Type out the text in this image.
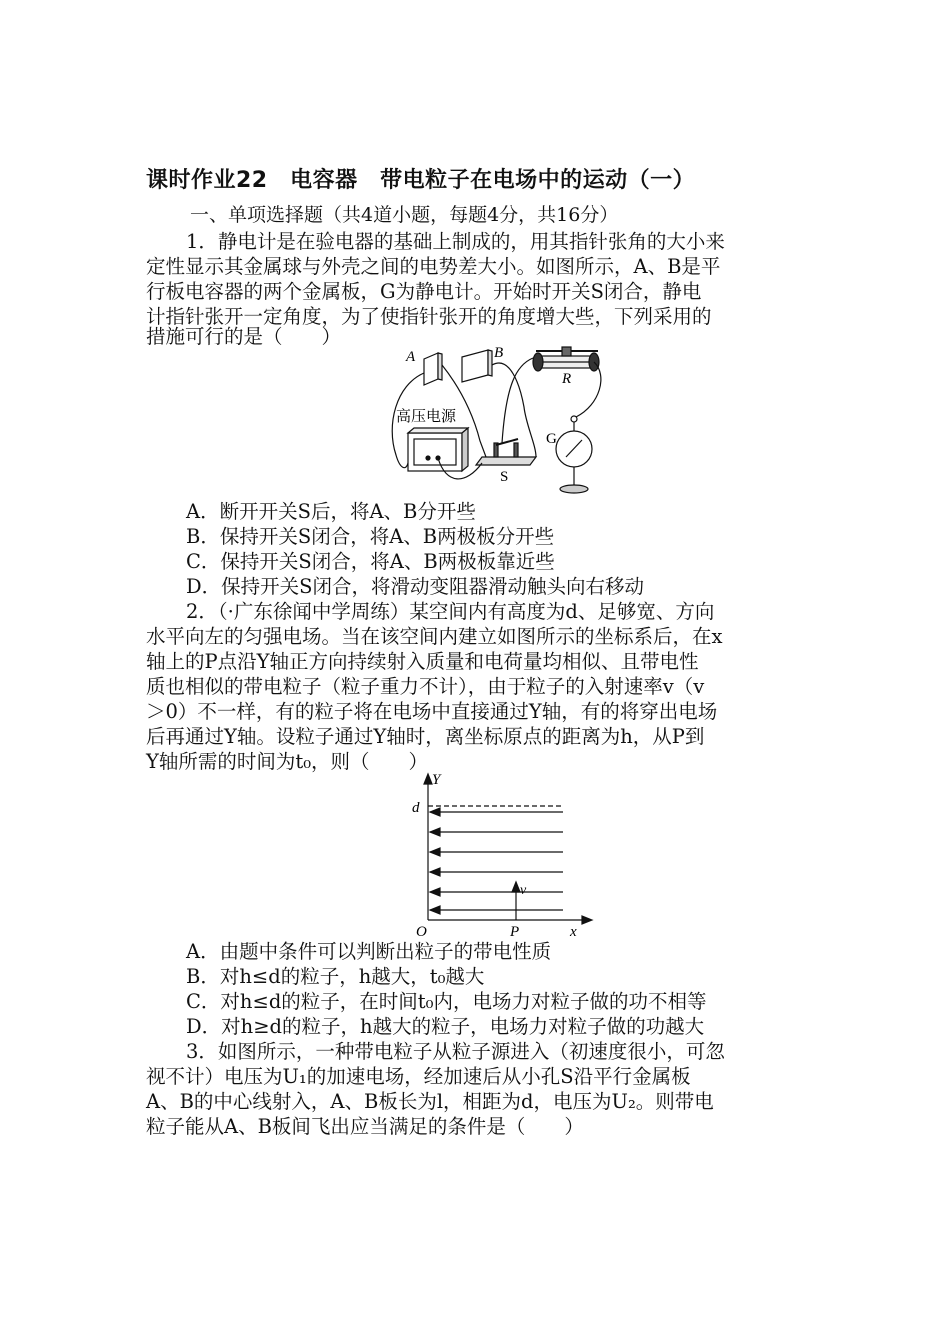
课时作业22　电容器　带电粒子在电场中的运动（一）
一、单项选择题（共4道小题，每题4分，共16分）
1．静电计是在验电器的基础上制成的，用其指针张角的大小来
定性显示其金属球与外壳之间的电势差大小。如图所示，A、B是平
行板电容器的两个金属板，G为静电计。开始时开关S闭合，静电
计指针张开一定角度，为了使指针张开的角度增大些，下列采用的
措施可行的是（　　）
A	B
R
G
S
高压电源
A．断开开关S后，将A、B分开些
B．保持开关S闭合，将A、B两极板分开些
C．保持开关S闭合，将A、B两极板靠近些
D．保持开关S闭合，将滑动变阻器滑动触头向右移动
2．（·广东徐闻中学周练）某空间内有高度为d、足够宽、方向
水平向左的匀强电场。当在该空间内建立如图所示的坐标系后，在x
轴上的P点沿Y轴正方向持续射入质量和电荷量均相似、且带电性
质也相似的带电粒子（粒子重力不计），由于粒子的入射速率v（v
＞0）不一样，有的粒子将在电场中直接通过Y轴，有的将穿出电场
后再通过Y轴。设粒子通过Y轴时，离坐标原点的距离为h，从P到
Y轴所需的时间为t₀，则（　　）
Y
d
O	P	x
v
A．由题中条件可以判断出粒子的带电性质
B．对h≤d的粒子，h越大，t₀越大
C．对h≤d的粒子，在时间t₀内，电场力对粒子做的功不相等
D．对h≥d的粒子，h越大的粒子，电场力对粒子做的功越大
3．如图所示，一种带电粒子从粒子源进入（初速度很小，可忽
视不计）电压为U₁的加速电场，经加速后从小孔S沿平行金属板
A、B的中心线射入，A、B板长为l，相距为d，电压为U₂。则带电
粒子能从A、B板间飞出应当满足的条件是（　　）
